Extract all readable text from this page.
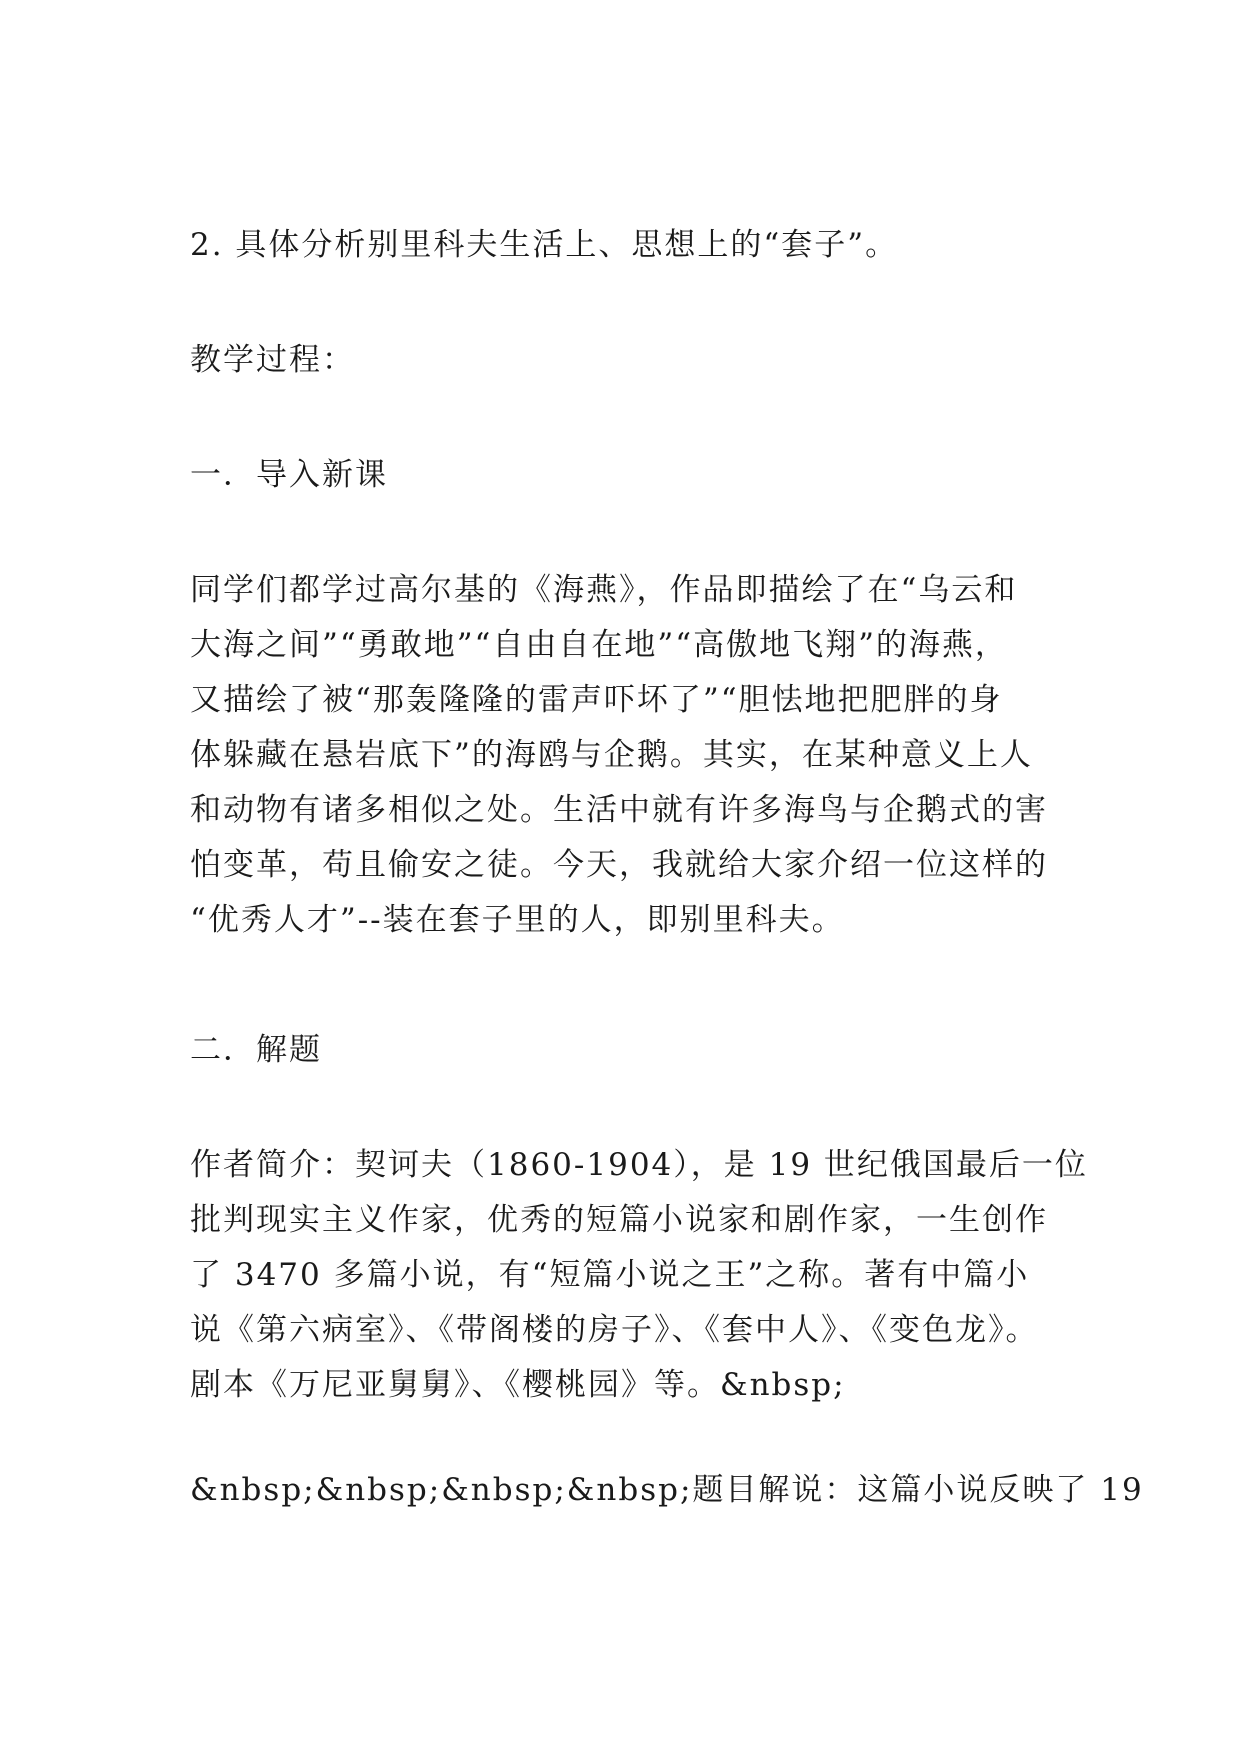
2. 具体分析别里科夫生活上、思想上的“套子”。
教学过程：
一．导入新课
同学们都学过高尔基的《海燕》，作品即描绘了在“乌云和
大海之间”“勇敢地”“自由自在地”“高傲地飞翔”的海燕，
又描绘了被“那轰隆隆的雷声吓坏了”“胆怯地把肥胖的身
体躲藏在悬岩底下”的海鸥与企鹅。其实，在某种意义上人
和动物有诸多相似之处。生活中就有许多海鸟与企鹅式的害
怕变革，苟且偷安之徒。今天，我就给大家介绍一位这样的
“优秀人才”--装在套子里的人，即别里科夫。
二．解题
作者简介：契诃夫（1860-1904），是 19 世纪俄国最后一位
批判现实主义作家，优秀的短篇小说家和剧作家，一生创作
了 3470 多篇小说，有“短篇小说之王”之称。著有中篇小
说《第六病室》、《带阁楼的房子》、《套中人》、《变色龙》。
剧本《万尼亚舅舅》、《樱桃园》等。&nbsp;
&nbsp;&nbsp;&nbsp;&nbsp;题目解说：这篇小说反映了 19
